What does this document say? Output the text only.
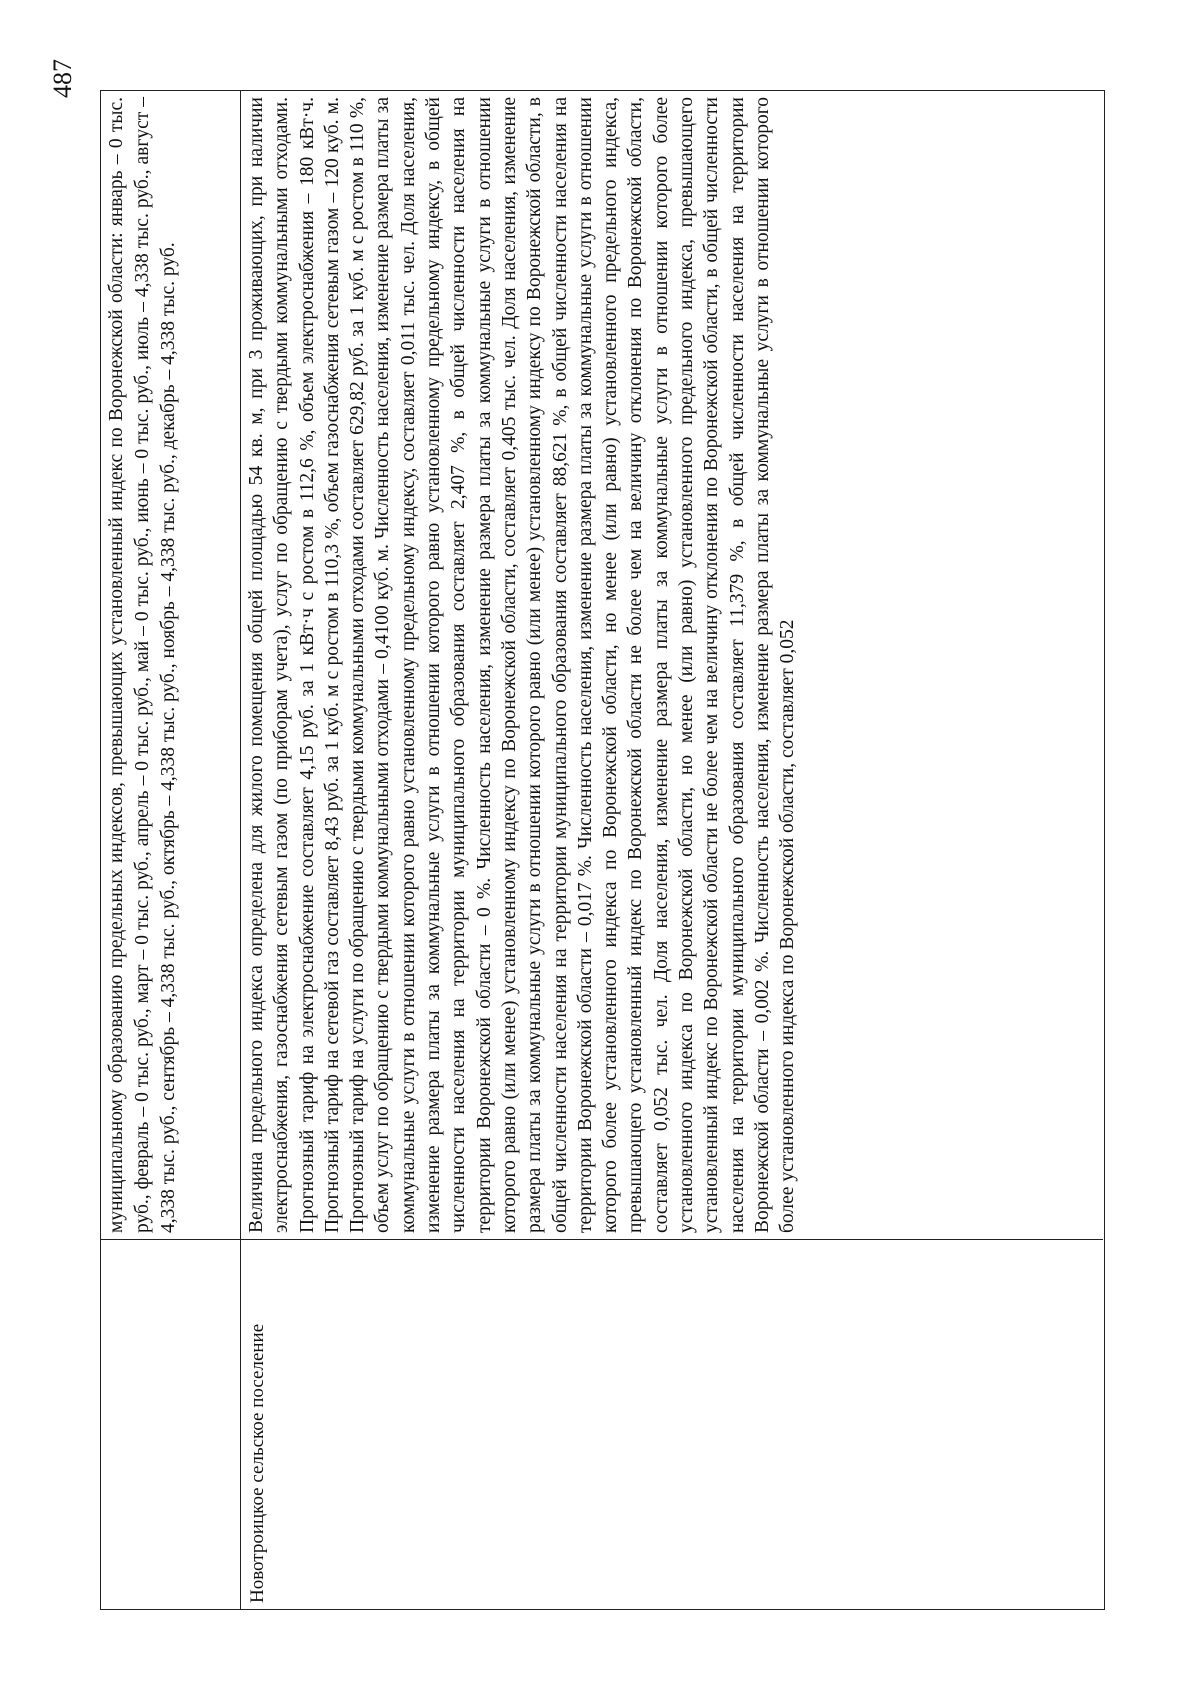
487
муниципальному образованию предельных индексов, превышающих установленный индекс по Воронежской области: январь – 0 тыс. руб., февраль – 0 тыс. руб., март – 0 тыс. руб., апрель – 0 тыс. руб., май – 0 тыс. руб., июнь – 0 тыс. руб., июль – 4,338 тыс. руб., август – 4,338 тыс. руб., сентябрь – 4,338 тыс. руб., октябрь – 4,338 тыс. руб., ноябрь – 4,338 тыс. руб., декабрь – 4,338 тыс. руб.
Новотроицкое сельское поселение
Величина предельного индекса определена для жилого помещения общей площадью 54 кв. м, при 3 проживающих, при наличии электроснабжения, газоснабжения сетевым газом (по приборам учета), услуг по обращению с твердыми коммунальными отходами. Прогнозный тариф на электроснабжение составляет 4,15 руб. за 1 кВт·ч с ростом в 112,6 %, объем электроснабжения – 180 кВт·ч. Прогнозный тариф на сетевой газ составляет 8,43 руб. за 1 куб. м с ростом в 110,3 %, объем газоснабжения сетевым газом – 120 куб. м. Прогнозный тариф на услуги по обращению с твердыми коммунальными отходами составляет 629,82 руб. за 1 куб. м с ростом в 110 %, объем услуг по обращению с твердыми коммунальными отходами – 0,4100 куб. м. Численность населения, изменение размера платы за коммунальные услуги в отношении которого равно установленному предельному индексу, составляет 0,011 тыс. чел. Доля населения, изменение размера платы за коммунальные услуги в отношении которого равно установленному предельному индексу, в общей численности населения на территории муниципального образования составляет 2,407 %, в общей численности населения на территории Воронежской области – 0 %. Численность населения, изменение размера платы за коммунальные услуги в отношении которого равно (или менее) установленному индексу по Воронежской области, составляет 0,405 тыс. чел. Доля населения, изменение размера платы за коммунальные услуги в отношении которого равно (или менее) установленному индексу по Воронежской области, в общей численности населения на территории муниципального образования составляет 88,621 %, в общей численности населения на территории Воронежской области – 0,017 %. Численность населения, изменение размера платы за коммунальные услуги в отношении которого более установленного индекса по Воронежской области, но менее (или равно) установленного предельного индекса, превышающего установленный индекс по Воронежской области не более чем на величину отклонения по Воронежской области, составляет 0,052 тыс. чел. Доля населения, изменение размера платы за коммунальные услуги в отношении которого более установленного индекса по Воронежской области, но менее (или равно) установленного предельного индекса, превышающего установленный индекс по Воронежской области не более чем на величину отклонения по Воронежской области, в общей численности населения на территории муниципального образования составляет 11,379 %, в общей численности населения на территории Воронежской области – 0,002 %. Численность населения, изменение размера платы за коммунальные услуги в отношении которого более установленного индекса по Воронежской области, составляет 0,052
